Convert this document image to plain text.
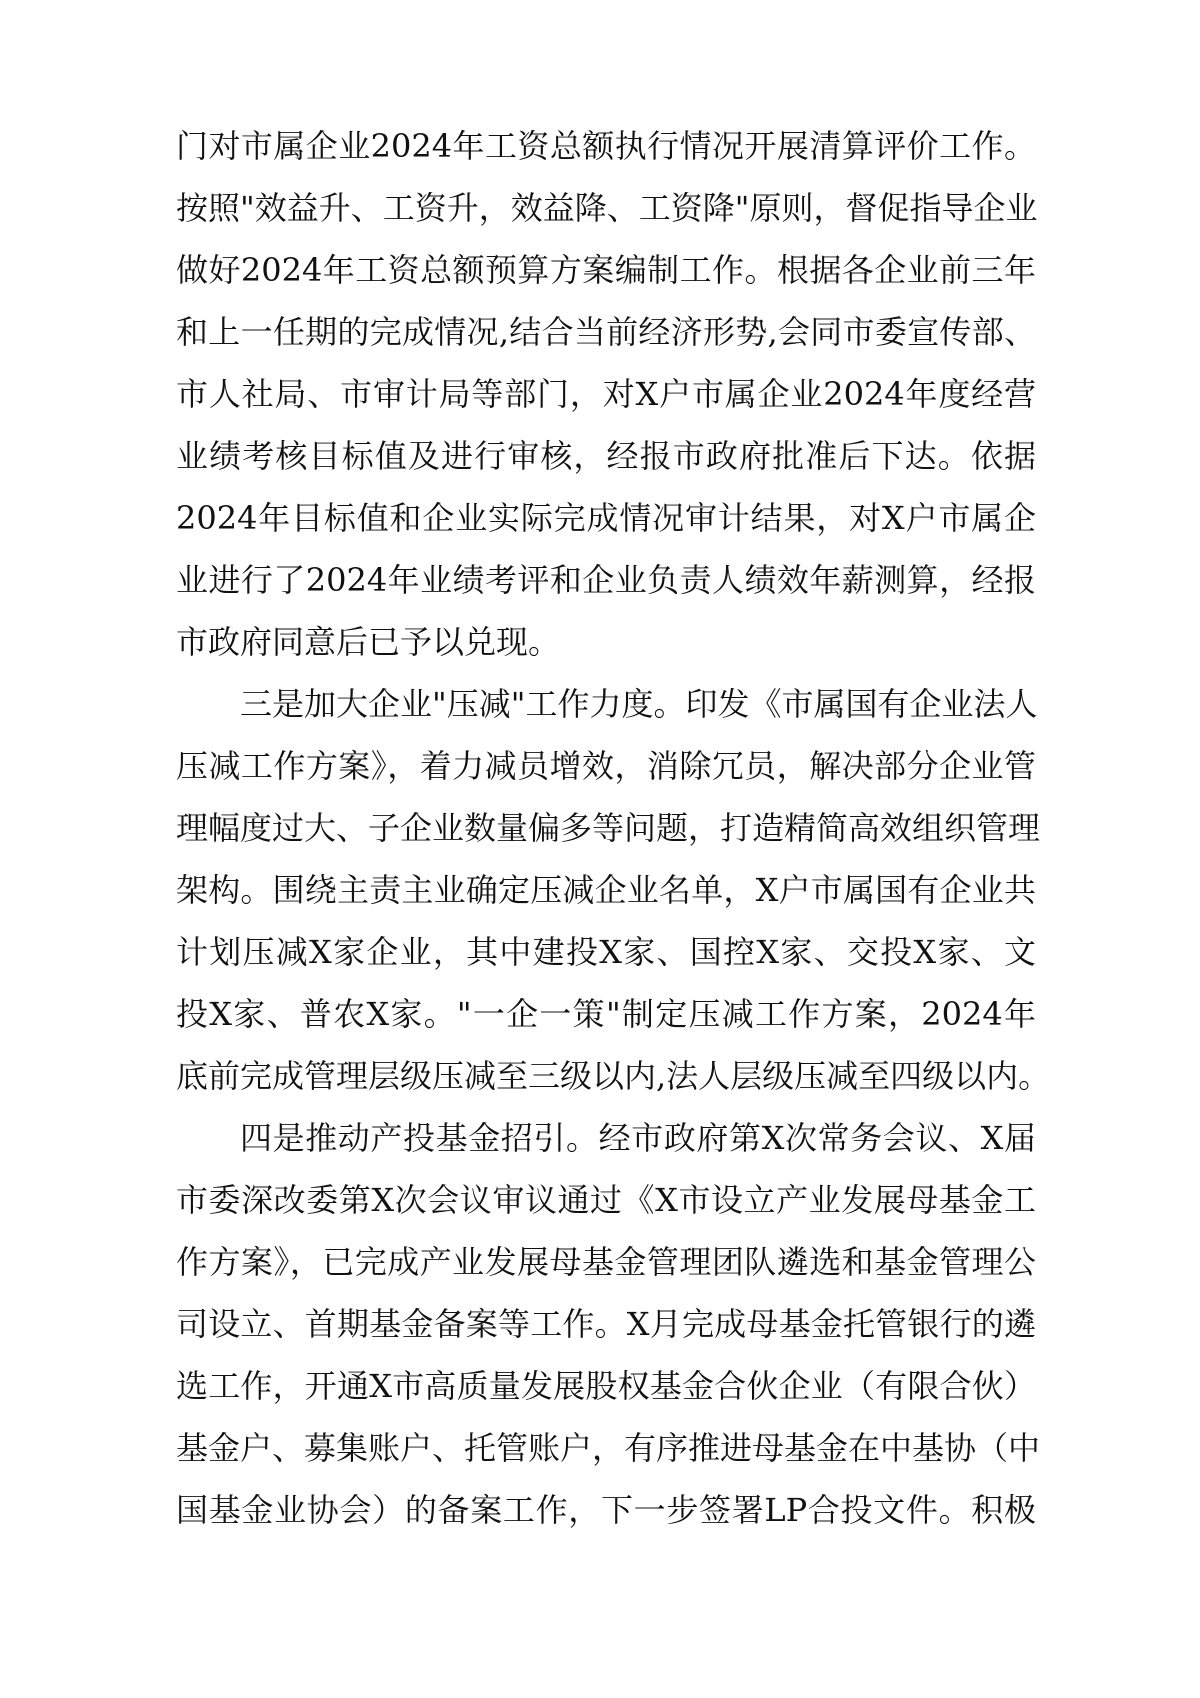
门对市属企业2024年工资总额执行情况开展清算评价工作。
按照"效益升、工资升，效益降、工资降"原则，督促指导企业
做好2024年工资总额预算方案编制工作。根据各企业前三年
和上一任期的完成情况,结合当前经济形势,会同市委宣传部、
市人社局、市审计局等部门，对X户市属企业2024年度经营
业绩考核目标值及进行审核，经报市政府批准后下达。依据
2024年目标值和企业实际完成情况审计结果，对X户市属企
业进行了2024年业绩考评和企业负责人绩效年薪测算，经报
市政府同意后已予以兑现。
三是加大企业"压减"工作力度。印发《市属国有企业法人
压减工作方案》，着力减员增效，消除冗员，解决部分企业管
理幅度过大、子企业数量偏多等问题，打造精简高效组织管理
架构。围绕主责主业确定压减企业名单，X户市属国有企业共
计划压减X家企业，其中建投X家、国控X家、交投X家、文
投X家、普农X家。"一企一策"制定压减工作方案，2024年
底前完成管理层级压减至三级以内,法人层级压减至四级以内。
四是推动产投基金招引。经市政府第X次常务会议、X届
市委深改委第X次会议审议通过《X市设立产业发展母基金工
作方案》，已完成产业发展母基金管理团队遴选和基金管理公
司设立、首期基金备案等工作。X月完成母基金托管银行的遴
选工作，开通X市高质量发展股权基金合伙企业（有限合伙）
基金户、募集账户、托管账户，有序推进母基金在中基协（中
国基金业协会）的备案工作，下一步签署LP合投文件。积极
